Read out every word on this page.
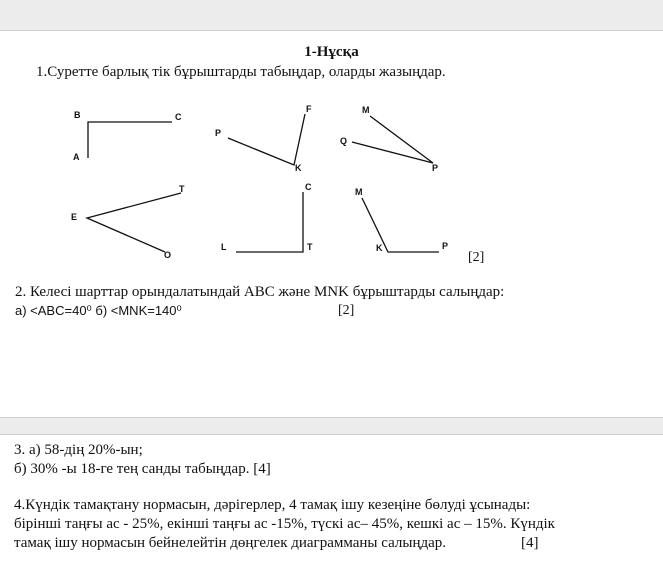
1-Нұсқа
1.Суретте барлық тік бұрыштарды табыңдар, оларды жазыңдар.
B	C
A
F
P
K
M
Q
P
T
E
O
C
L	T
M
K	P
[2]
2. Келесі шарттар орындалатындай ABC және MNK бұрыштарды салыңдар:
а) <ABC=40⁰ б) <MNK=140⁰	[2]
3. а) 58-дің 20%-ын;
б) 30% -ы 18-ге тең санды табыңдар. [4]
4.Күндік тамақтану нормасын, дәрігерлер, 4 тамақ ішу кезеңіне бөлуді ұсынады:
бірінші таңғы ас - 25%, екінші таңғы ас -15%, түскі ас– 45%, кешкі ас – 15%. Күндік
тамақ ішу нормасын бейнелейтін дөңгелек диаграмманы салыңдар.	[4]
